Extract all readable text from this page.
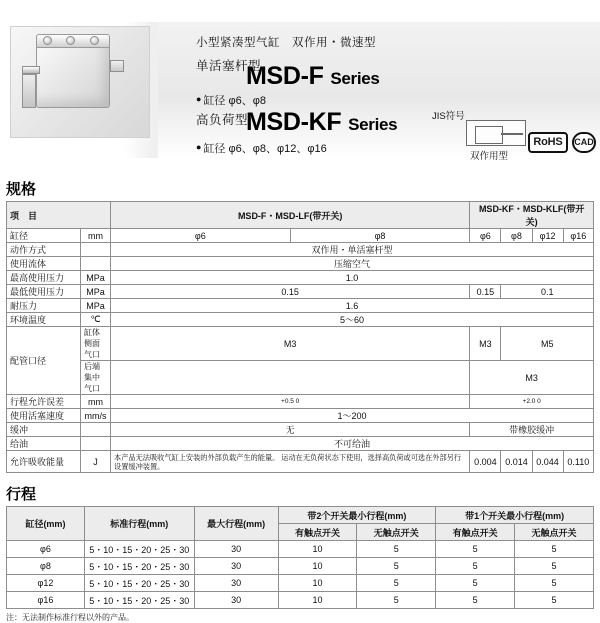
小型紧凑型气缸　双作用・微速型
单活塞杆型
MSD-F Series
● 缸径 φ6、φ8
高负荷型
MSD-KF Series
● 缸径 φ6、φ8、φ12、φ16
JIS符号
双作用型
RoHS	CAD
规格
项　目		MSD-F・MSD-LF(带开关)		MSD-KF・MSD-KLF(带开关)			
缸径	mm	φ6	φ8	φ6	φ8	φ12	φ16
动作方式		双作用・单活塞杆型					
使用流体		压缩空气					
最高使用压力	MPa	1.0					
最低使用压力	MPa	0.15		0.15	0.1		
耐压力	MPa	1.6					
环境温度	℃	5～60					
配管口径	缸体侧面气口	M3		M3	M5		
	后端集中气口			M3			
行程允许误差	mm	+0.5 0		+2.0 0			
使用活塞速度	mm/s	1～200					
缓冲		无		带橡胶缓冲			
给油		不可给油					
允许吸收能量	J	本产品无法吸收气缸上安装的外部负载产生的能量。 运动在无负荷状态下使用，选择高负荷或可选在外部另行设置缓冲装置。		0.004	0.014	0.044	0.110
行程
缸径(mm)	标准行程(mm)	最大行程(mm)	带2个开关最小行程(mm)		带1个开关最小行程(mm)	
			有触点开关	无触点开关	有触点开关	无触点开关
φ6	5・10・15・20・25・30	30	10	5	5	5
φ8	5・10・15・20・25・30	30	10	5	5	5
φ12	5・10・15・20・25・30	30	10	5	5	5
φ16	5・10・15・20・25・30	30	10	5	5	5
注：无法制作标准行程以外的产品。
